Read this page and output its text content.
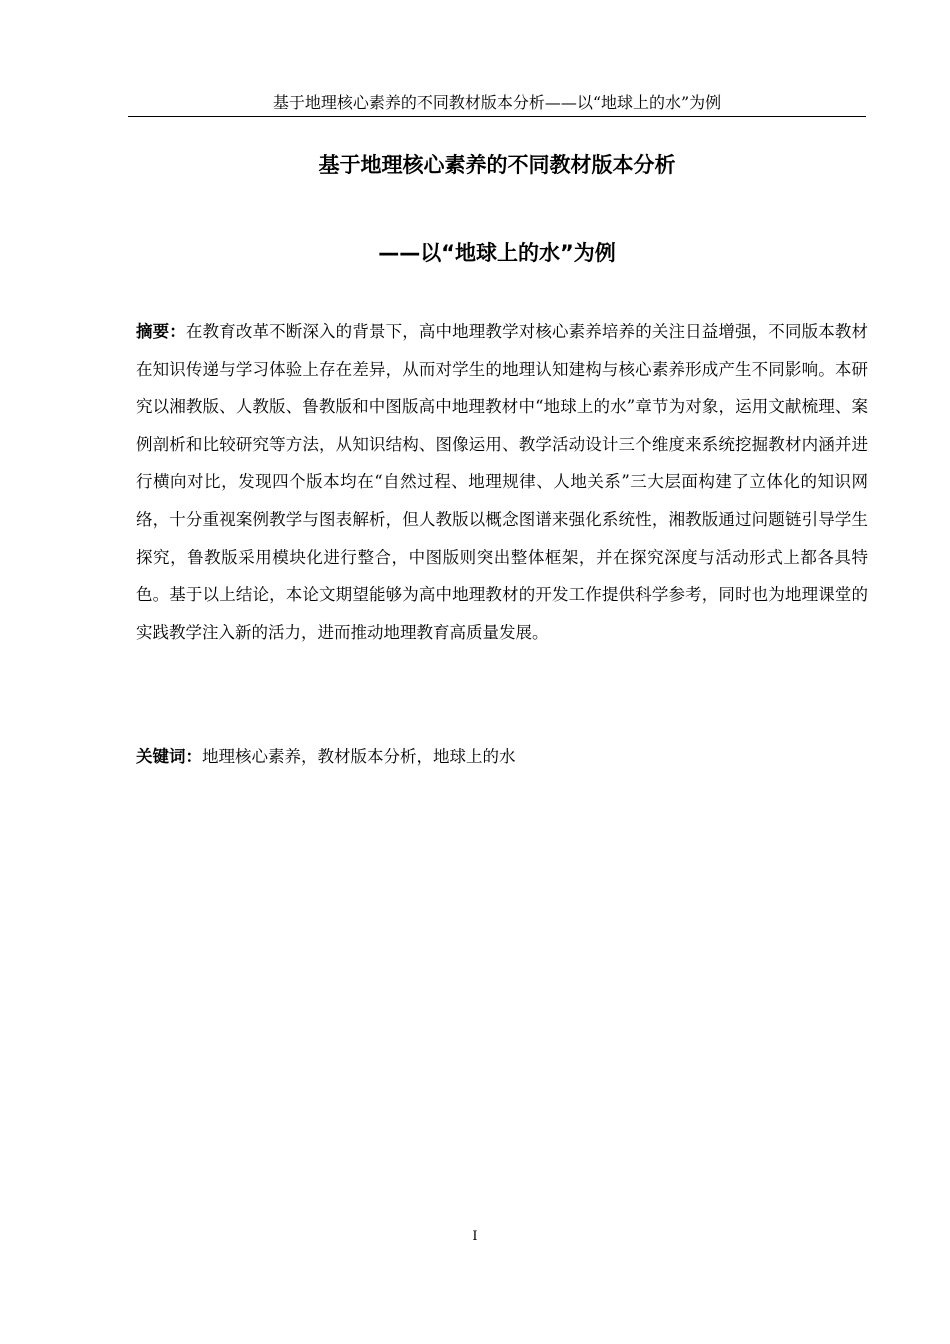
基于地理核心素养的不同教材版本分析——以“地球上的水”为例
基于地理核心素养的不同教材版本分析
——以“地球上的水”为例

摘要：在教育改革不断深入的背景下，高中地理教学对核心素养培养的关注日益增强，不同版本教材在知识传递与学习体验上存在差异，从而对学生的地理认知建构与核心素养形成产生不同影响。本研究以湘教版、人教版、鲁教版和中图版高中地理教材中“地球上的水”章节为对象，运用文献梳理、案例剖析和比较研究等方法，从知识结构、图像运用、教学活动设计三个维度来系统挖掘教材内涵并进行横向对比，发现四个版本均在“自然过程、地理规律、人地关系”三大层面构建了立体化的知识网络，十分重视案例教学与图表解析，但人教版以概念图谱来强化系统性，湘教版通过问题链引导学生探究，鲁教版采用模块化进行整合，中图版则突出整体框架，并在探究深度与活动形式上都各具特色。基于以上结论，本论文期望能够为高中地理教材的开发工作提供科学参考，同时也为地理课堂的实践教学注入新的活力，进而推动地理教育高质量发展。

关键词：地理核心素养，教材版本分析，地球上的水

I
